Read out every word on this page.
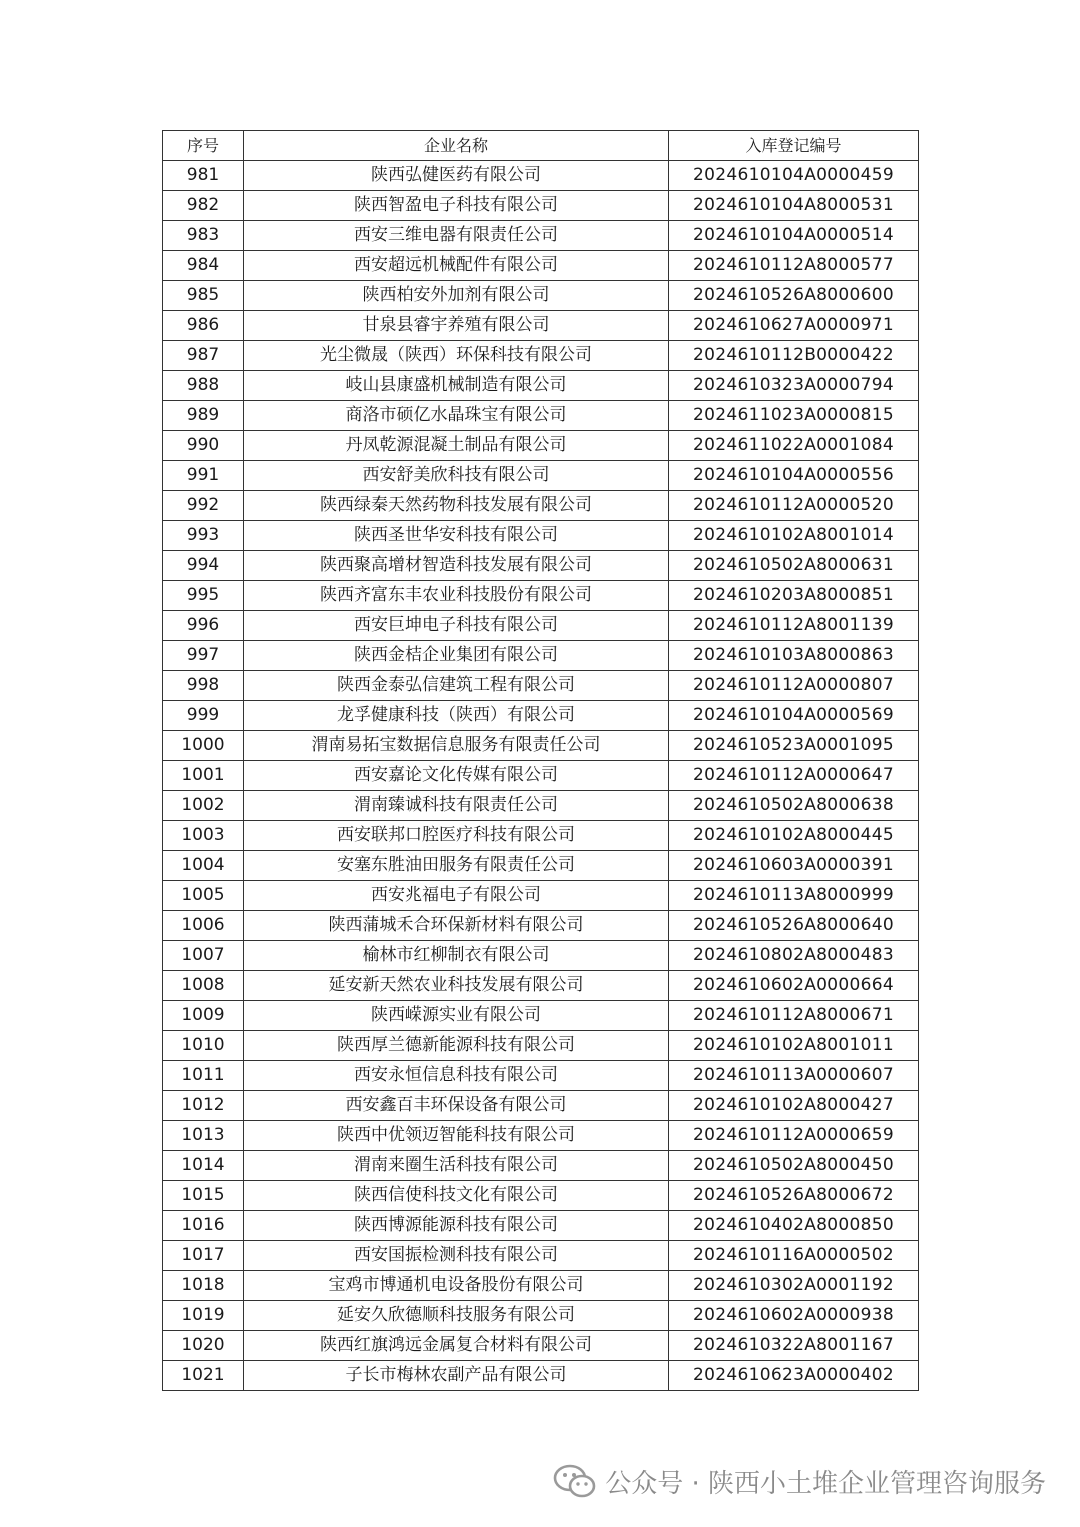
序号	企业名称	入库登记编号
981	陕西弘健医药有限公司	2024610104A0000459
982	陕西智盈电子科技有限公司	2024610104A8000531
983	西安三维电器有限责任公司	2024610104A0000514
984	西安超远机械配件有限公司	2024610112A8000577
985	陕西柏安外加剂有限公司	2024610526A8000600
986	甘泉县睿宇养殖有限公司	2024610627A0000971
987	光尘微晟（陕西）环保科技有限公司	2024610112B0000422
988	岐山县康盛机械制造有限公司	2024610323A0000794
989	商洛市硕亿水晶珠宝有限公司	2024611023A0000815
990	丹凤乾源混凝土制品有限公司	2024611022A0001084
991	西安舒美欣科技有限公司	2024610104A0000556
992	陕西绿秦天然药物科技发展有限公司	2024610112A0000520
993	陕西圣世华安科技有限公司	2024610102A8001014
994	陕西聚高增材智造科技发展有限公司	2024610502A8000631
995	陕西齐富东丰农业科技股份有限公司	2024610203A8000851
996	西安巨坤电子科技有限公司	2024610112A8001139
997	陕西金桔企业集团有限公司	2024610103A8000863
998	陕西金泰弘信建筑工程有限公司	2024610112A0000807
999	龙孚健康科技（陕西）有限公司	2024610104A0000569
1000	渭南易拓宝数据信息服务有限责任公司	2024610523A0001095
1001	西安嘉论文化传媒有限公司	2024610112A0000647
1002	渭南臻诚科技有限责任公司	2024610502A8000638
1003	西安联邦口腔医疗科技有限公司	2024610102A8000445
1004	安塞东胜油田服务有限责任公司	2024610603A0000391
1005	西安兆福电子有限公司	2024610113A8000999
1006	陕西蒲城禾合环保新材料有限公司	2024610526A8000640
1007	榆林市红柳制衣有限公司	2024610802A8000483
1008	延安新天然农业科技发展有限公司	2024610602A0000664
1009	陕西嵘源实业有限公司	2024610112A8000671
1010	陕西厚兰德新能源科技有限公司	2024610102A8001011
1011	西安永恒信息科技有限公司	2024610113A0000607
1012	西安鑫百丰环保设备有限公司	2024610102A8000427
1013	陕西中优领迈智能科技有限公司	2024610112A0000659
1014	渭南来圈生活科技有限公司	2024610502A8000450
1015	陕西信使科技文化有限公司	2024610526A8000672
1016	陕西博源能源科技有限公司	2024610402A8000850
1017	西安国振检测科技有限公司	2024610116A0000502
1018	宝鸡市博通机电设备股份有限公司	2024610302A0001192
1019	延安久欣德顺科技服务有限公司	2024610602A0000938
1020	陕西红旗鸿远金属复合材料有限公司	2024610322A8001167
1021	子长市梅林农副产品有限公司	2024610623A0000402
公众号 · 陕西小土堆企业管理咨询服务
